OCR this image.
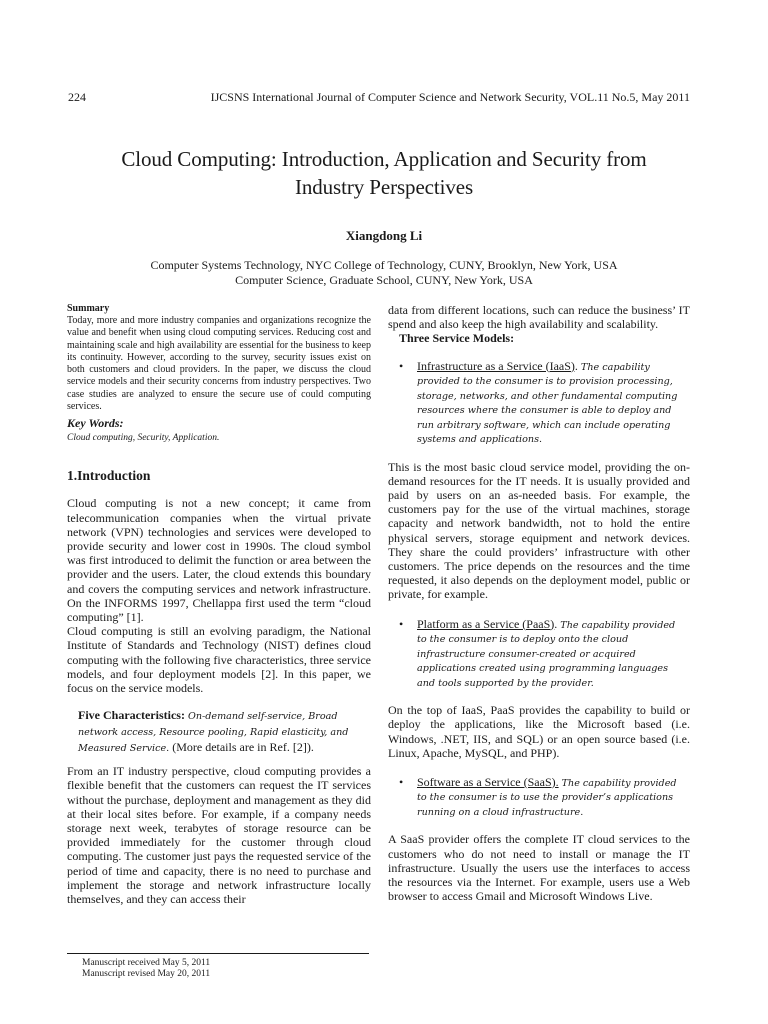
224	IJCSNS International Journal of Computer Science and Network Security, VOL.11 No.5, May 2011
Cloud Computing: Introduction, Application and Security from
Industry Perspectives
Xiangdong Li
Computer Systems Technology, NYC College of Technology, CUNY, Brooklyn, New York, USA
Computer Science, Graduate School, CUNY, New York, USA

Summary

Today, more and more industry companies and organizations recognize the value and benefit when using cloud computing services. Reducing cost and maintaining scale and high availability are essential for the business to keep its continuity. However, according to the survey, security issues exist on both customers and cloud providers. In the paper, we discuss the cloud service models and their security concerns from industry perspectives. Two case studies are analyzed to ensure the secure use of could computing services.

Key Words:

Cloud computing, Security, Application.

1.Introduction

Cloud computing is not a new concept; it came from telecommunication companies when the virtual private network (VPN) technologies and services were developed to provide security and lower cost in 1990s. The cloud symbol was first introduced to delimit the function or area between the provider and the users. Later, the cloud extends this boundary and covers the computing services and network infrastructure. On the INFORMS 1997, Chellappa first used the term “cloud computing” [1].

Cloud computing is still an evolving paradigm, the National Institute of Standards and Technology (NIST) defines cloud computing with the following five characteristics, three service models, and four deployment models [2]. In this paper, we focus on the service models.

Five Characteristics: On-demand self-service, Broad network access, Resource pooling, Rapid elasticity, and Measured Service. (More details are in Ref. [2]).

From an IT industry perspective, cloud computing provides a flexible benefit that the customers can request the IT services without the purchase, deployment and management as they did at their local sites before. For example, if a company needs storage next week, terabytes of storage resource can be provided immediately for the customer through cloud computing. The customer just pays the requested service of the period of time and capacity, there is no need to purchase and implement the storage and network infrastructure locally themselves, and they can access their

data from different locations, such can reduce the business’ IT spend and also keep the high availability and scalability.

Three Service Models:

•	Infrastructure as a Service (IaaS). The capability
provided to the consumer is to provision processing,
storage, networks, and other fundamental computing
resources where the consumer is able to deploy and
run arbitrary software, which can include operating
systems and applications.

This is the most basic cloud service model, providing the on-demand resources for the IT needs. It is usually provided and paid by users on an as-needed basis. For example, the customers pay for the use of the virtual machines, storage capacity and network bandwidth, not to hold the entire physical servers, storage equipment and network devices. They share the could providers’ infrastructure with other customers. The price depends on the resources and the time requested, it also depends on the deployment model, public or private, for example.

•	Platform as a Service (PaaS). The capability provided
to the consumer is to deploy onto the cloud
infrastructure consumer-created or acquired
applications created using programming languages
and tools supported by the provider.

On the top of IaaS, PaaS provides the capability to build or deploy the applications, like the Microsoft based (i.e. Windows, .NET, IIS, and SQL) or an open source based (i.e. Linux, Apache, MySQL, and PHP).

•	Software as a Service (SaaS). The capability provided
to the consumer is to use the provider’s applications
running on a cloud infrastructure.

A SaaS provider offers the complete IT cloud services to the customers who do not need to install or manage the IT infrastructure. Usually the users use the interfaces to access the resources via the Internet. For example, users use a Web browser to access Gmail and Microsoft Windows Live.

Manuscript received May 5, 2011
Manuscript revised May 20, 2011
